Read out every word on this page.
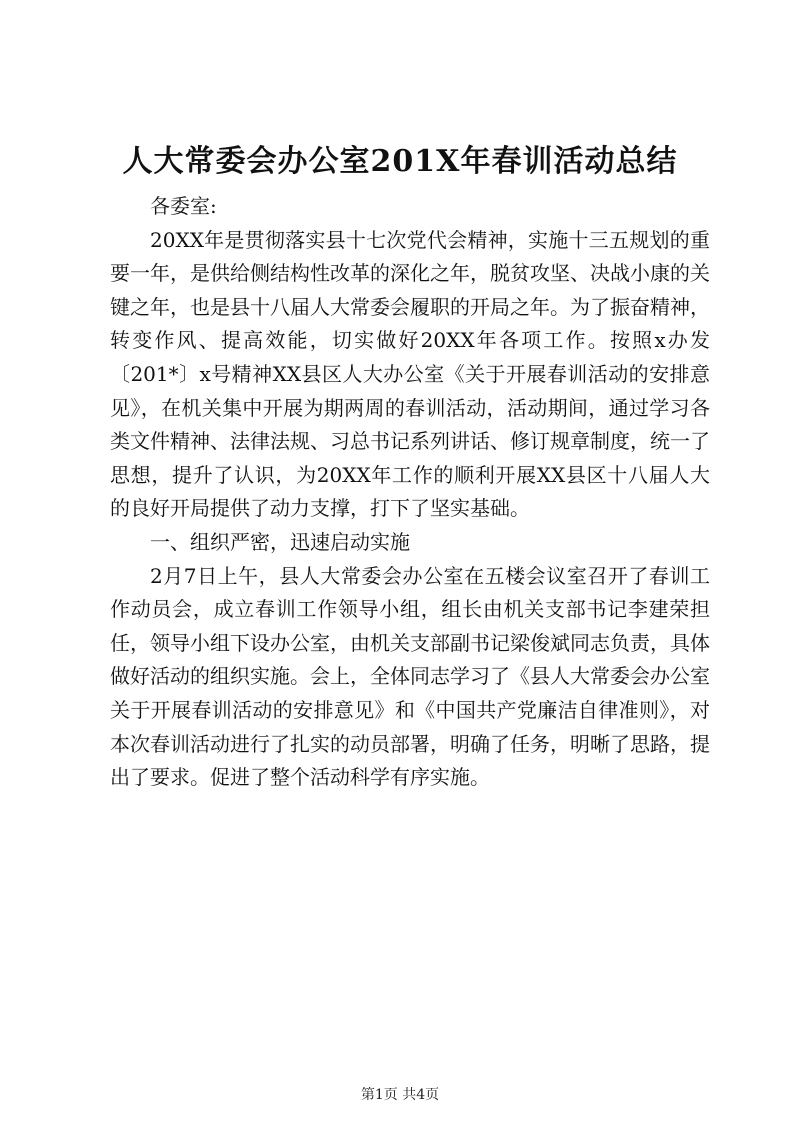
人大常委会办公室201X年春训活动总结

各委室:

20XX年是贯彻落实县十七次党代会精神，实施十三五规划的重要一年，是供给侧结构性改革的深化之年，脱贫攻坚、决战小康的关键之年，也是县十八届人大常委会履职的开局之年。为了振奋精神，转变作风、提高效能，切实做好20XX年各项工作。按照x办发〔201*〕x号精神XX县区人大办公室《关于开展春训活动的安排意见》，在机关集中开展为期两周的春训活动，活动期间，通过学习各类文件精神、法律法规、习总书记系列讲话、修订规章制度，统一了思想，提升了认识，为20XX年工作的顺利开展XX县区十八届人大的良好开局提供了动力支撑，打下了坚实基础。

一、组织严密，迅速启动实施

2月7日上午，县人大常委会办公室在五楼会议室召开了春训工作动员会，成立春训工作领导小组，组长由机关支部书记李建荣担任，领导小组下设办公室，由机关支部副书记梁俊斌同志负责，具体做好活动的组织实施。会上，全体同志学习了《县人大常委会办公室关于开展春训活动的安排意见》和《中国共产党廉洁自律准则》，对本次春训活动进行了扎实的动员部署，明确了任务，明晰了思路，提出了要求。促进了整个活动科学有序实施。

第1页 共4页
